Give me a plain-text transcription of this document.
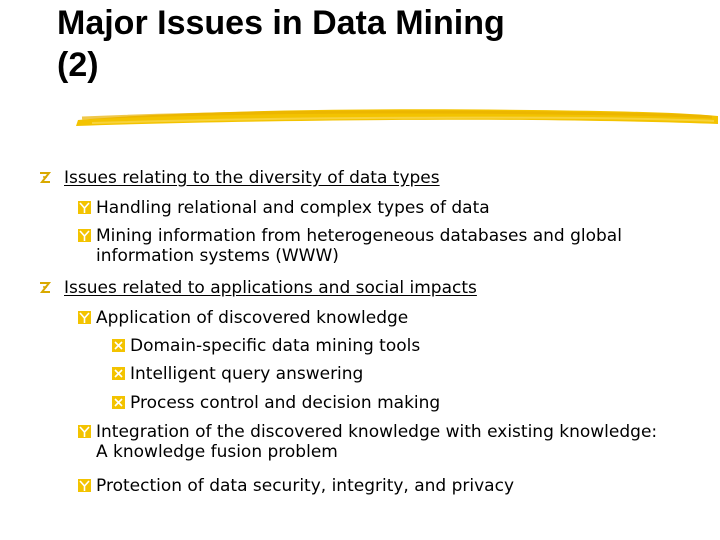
Major Issues in Data Mining
(2)
Issues relating to the diversity of data types
Handling relational and complex types of data
Mining information from heterogeneous databases and global
information systems (WWW)
Issues related to applications and social impacts
Application of discovered knowledge
Domain-specific data mining tools
Intelligent query answering
Process control and decision making
Integration of the discovered knowledge with existing knowledge:
A knowledge fusion problem
Protection of data security, integrity, and privacy
